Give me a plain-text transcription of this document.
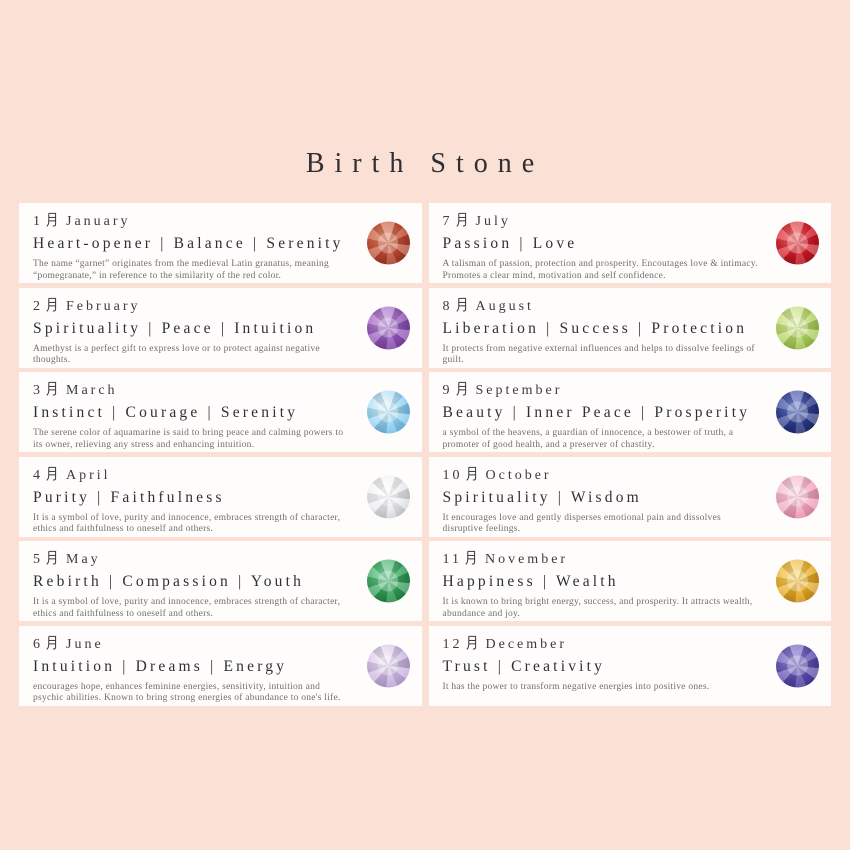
Birth Stone
1 January
Heart-opener | Balance | Serenity
The name “garnet” originates from the medieval Latin granatus, meaning “pomegranate,” in reference to the similarity of the red color.
2 February
Spirituality | Peace | Intuition
Amethyst is a perfect gift to express love or to protect against negative thoughts.
3 March
Instinct | Courage | Serenity
The serene color of aquamarine is said to bring peace and calming powers to its owner, relieving any stress and enhancing intuition.
4 April
Purity | Faithfulness
It is a symbol of love, purity and innocence, embraces strength of character, ethics and faithfulness to oneself and others.
5 May
Rebirth | Compassion | Youth
It is a symbol of love, purity and innocence, embraces strength of character, ethics and faithfulness to oneself and others.
6 June
Intuition | Dreams | Energy
encourages hope, enhances feminine energies, sensitivity, intuition and psychic abilities. Known to bring strong energies of abundance to one's life.
7 July
Passion | Love
A talisman of passion, protection and prosperity. Encoutages love & intimacy. Promotes a clear mind, motivation and self confidence.
8 August
Liberation | Success | Protection
It protects from negative external influences and helps to dissolve feelings of guilt.
9 September
Beauty | Inner Peace | Prosperity
a symbol of the heavens, a guardian of innocence, a bestower of truth, a promoter of good health, and a preserver of chastity.
10 October
Spirituality | Wisdom
It encourages love and gently disperses emotional pain and dissolves disruptive feelings.
11 November
Happiness | Wealth
It is known to bring bright energy, success, and prosperity. It attracts wealth, abundance and joy.
12 December
Trust | Creativity
It has the power to transform negative energies into positive ones.
